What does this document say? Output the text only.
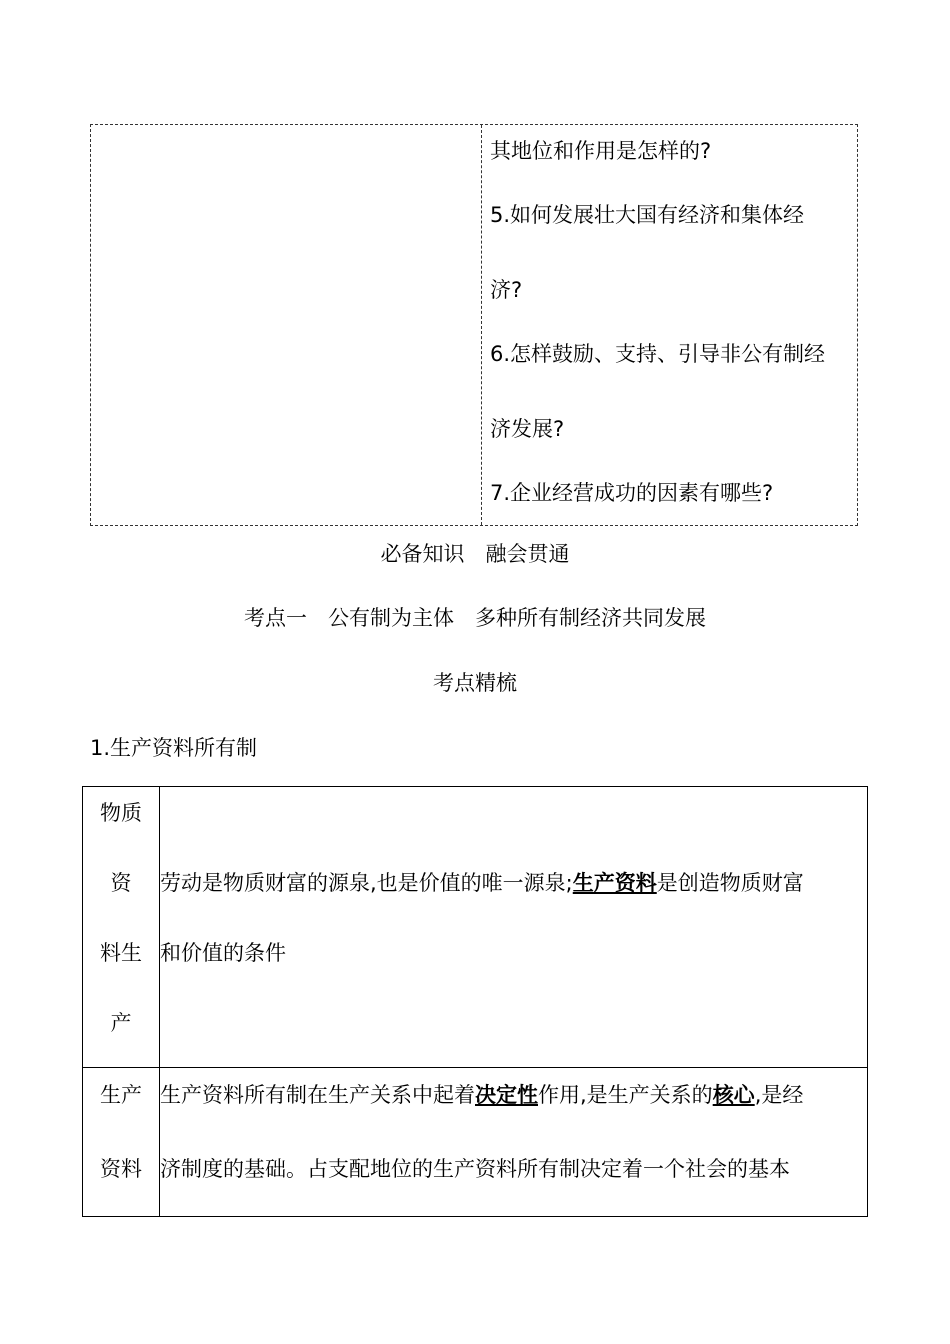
其地位和作用是怎样的?
5.如何发展壮大国有经济和集体经
济?
6.怎样鼓励、支持、引导非公有制经
济发展?
7.企业经营成功的因素有哪些?
必备知识　融会贯通
考点一　公有制为主体　多种所有制经济共同发展
考点精梳
1.生产资料所有制
物质
资
料生
产	劳动是物质财富的源泉,也是价值的唯一源泉;生产资料是创造物质财富
和价值的条件

生产
资料	生产资料所有制在生产关系中起着决定性作用,是生产关系的核心,是经
济制度的基础。占支配地位的生产资料所有制决定着一个社会的基本
